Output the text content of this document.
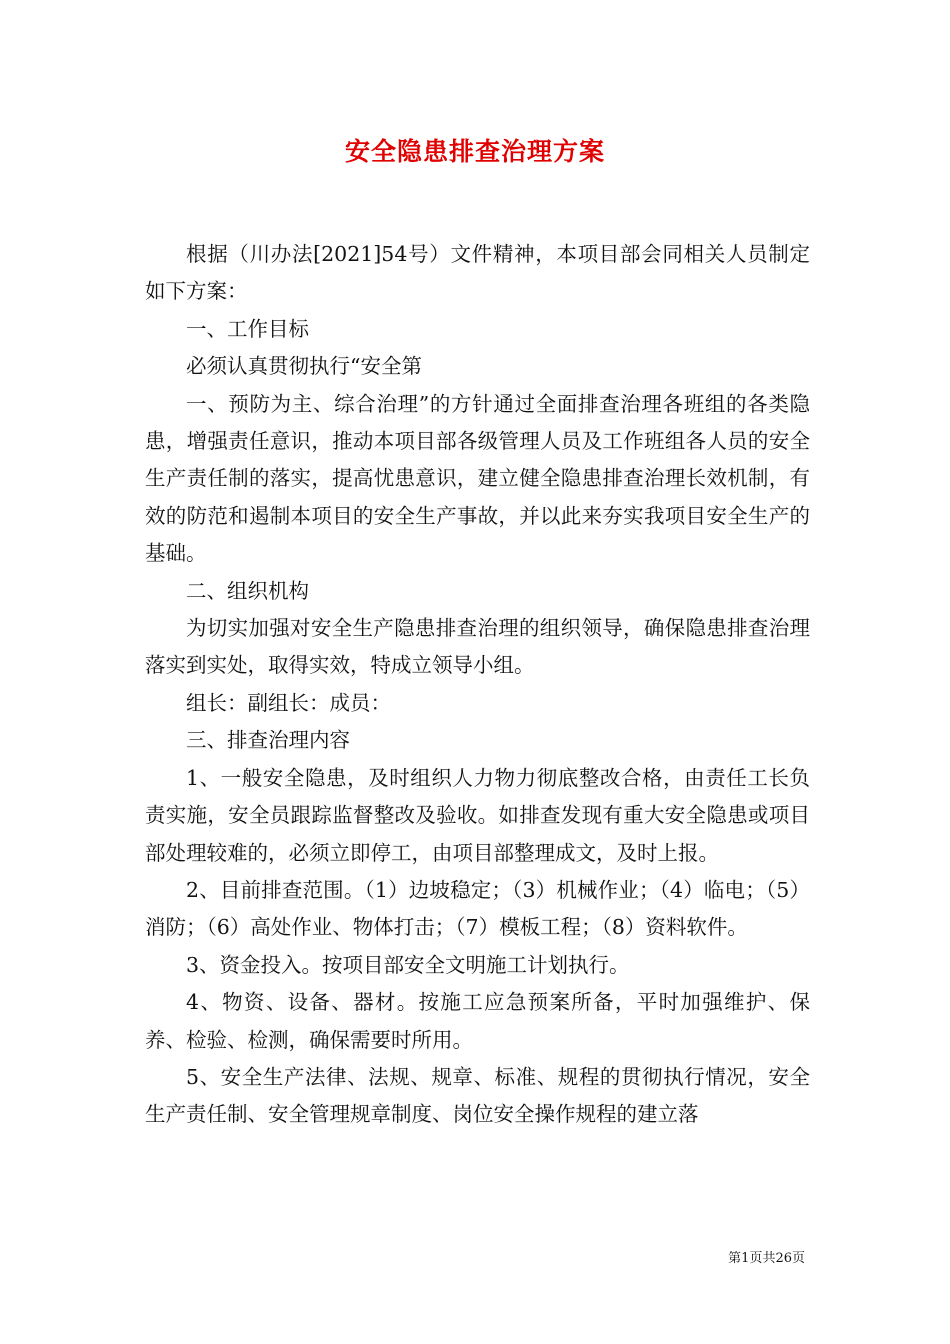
安全隐患排查治理方案

根据（川办法[2021]54号）文件精神，本项目部会同相关人员制定如下方案：

一、工作目标

必须认真贯彻执行“安全第

一、预防为主、综合治理”的方针通过全面排查治理各班组的各类隐患，增强责任意识，推动本项目部各级管理人员及工作班组各人员的安全生产责任制的落实，提高忧患意识，建立健全隐患排查治理长效机制，有效的防范和遏制本项目的安全生产事故，并以此来夯实我项目安全生产的基础。

二、组织机构

为切实加强对安全生产隐患排查治理的组织领导，确保隐患排查治理落实到实处，取得实效，特成立领导小组。

组长：副组长：成员：

三、排查治理内容

1、一般安全隐患，及时组织人力物力彻底整改合格，由责任工长负责实施，安全员跟踪监督整改及验收。如排查发现有重大安全隐患或项目部处理较难的，必须立即停工，由项目部整理成文，及时上报。

2、目前排查范围。（1）边坡稳定；（3）机械作业；（4）临电；（5）消防；（6）高处作业、物体打击；（7）模板工程；（8）资料软件。

3、资金投入。按项目部安全文明施工计划执行。

4、物资、设备、器材。按施工应急预案所备，平时加强维护、保养、检验、检测，确保需要时所用。

5、安全生产法律、法规、规章、标准、规程的贯彻执行情况，安全生产责任制、安全管理规章制度、岗位安全操作规程的建立落

第1页共26页
